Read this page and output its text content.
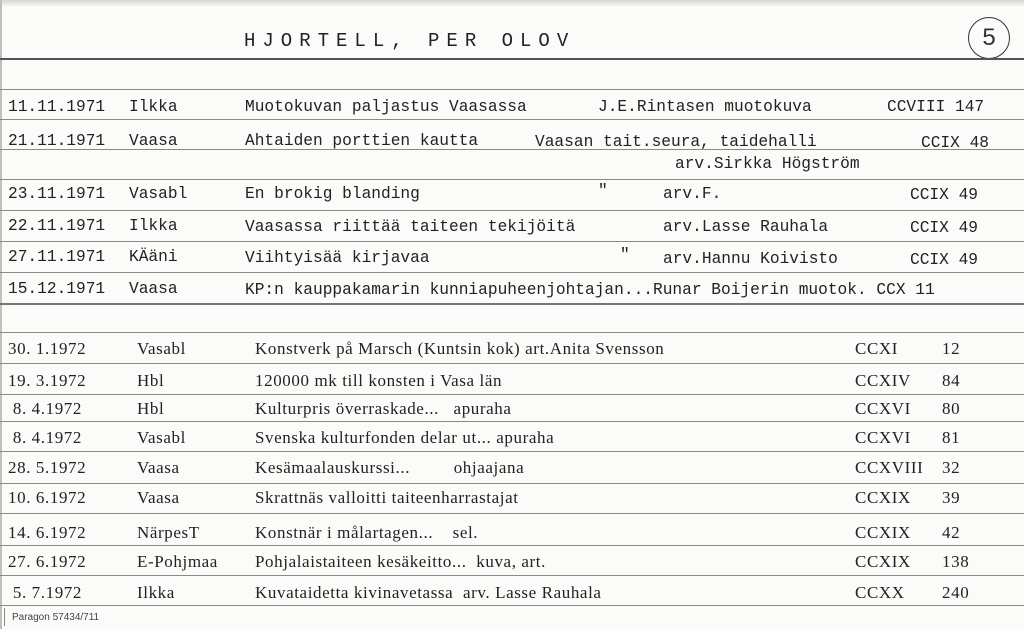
HJORTELL, PER OLOV	5
11.11.1971 Ilkka	Muotokuvan paljastus Vaasassa	J.E.Rintasen muotokuva	CCVIII 147
21.11.1971 Vaasa	Ahtaiden porttien kautta	Vaasan tait.seura, taidehalli	CCIX 48
arv.Sirkka Högström
23.11.1971 Vasabl	En brokig blanding	"	arv.F.	CCIX 49
22.11.1971 Ilkka	Vaasassa riittää taiteen tekijöitä	arv.Lasse Rauhala	CCIX 49
27.11.1971 KÄäni	Viihtyisää kirjavaa	" arv.Hannu Koivisto	CCIX 49
15.12.1971 Vaasa	KP:n kauppakamarin kunniapuheenjohtajan...Runar Boijerin muotok. CCX 11
30. 1.1972	Vasabl	Konstverk på Marsch (Kuntsin kok) art.Anita Svensson	CCXI	12
19. 3.1972	Hbl	120000 mk till konsten i Vasa län	CCXIV 84
8. 4.1972	Hbl	Kulturpris överraskade...   apuraha	CCXVI 80
8. 4.1972	Vasabl	Svenska kulturfonden delar ut... apuraha	CCXVI 81
28. 5.1972	Vaasa	Kesämaalauskurssi...         ohjaajana	CCXVIII 32
10. 6.1972	Vaasa	Skrattnäs valloitti taiteenharrastajat	CCXIX 39
14. 6.1972	NärpesT	Konstnär i målartagen...    sel.	CCXIX 42
27. 6.1972	E-Pohjmaa Pohjalaistaiteen kesäkeitto...  kuva, art.	CCXIX 138
5. 7.1972	Ilkka	Kuvataidetta kivinavetassa  arv. Lasse Rauhala	CCXX 240
Paragon 57434/711
